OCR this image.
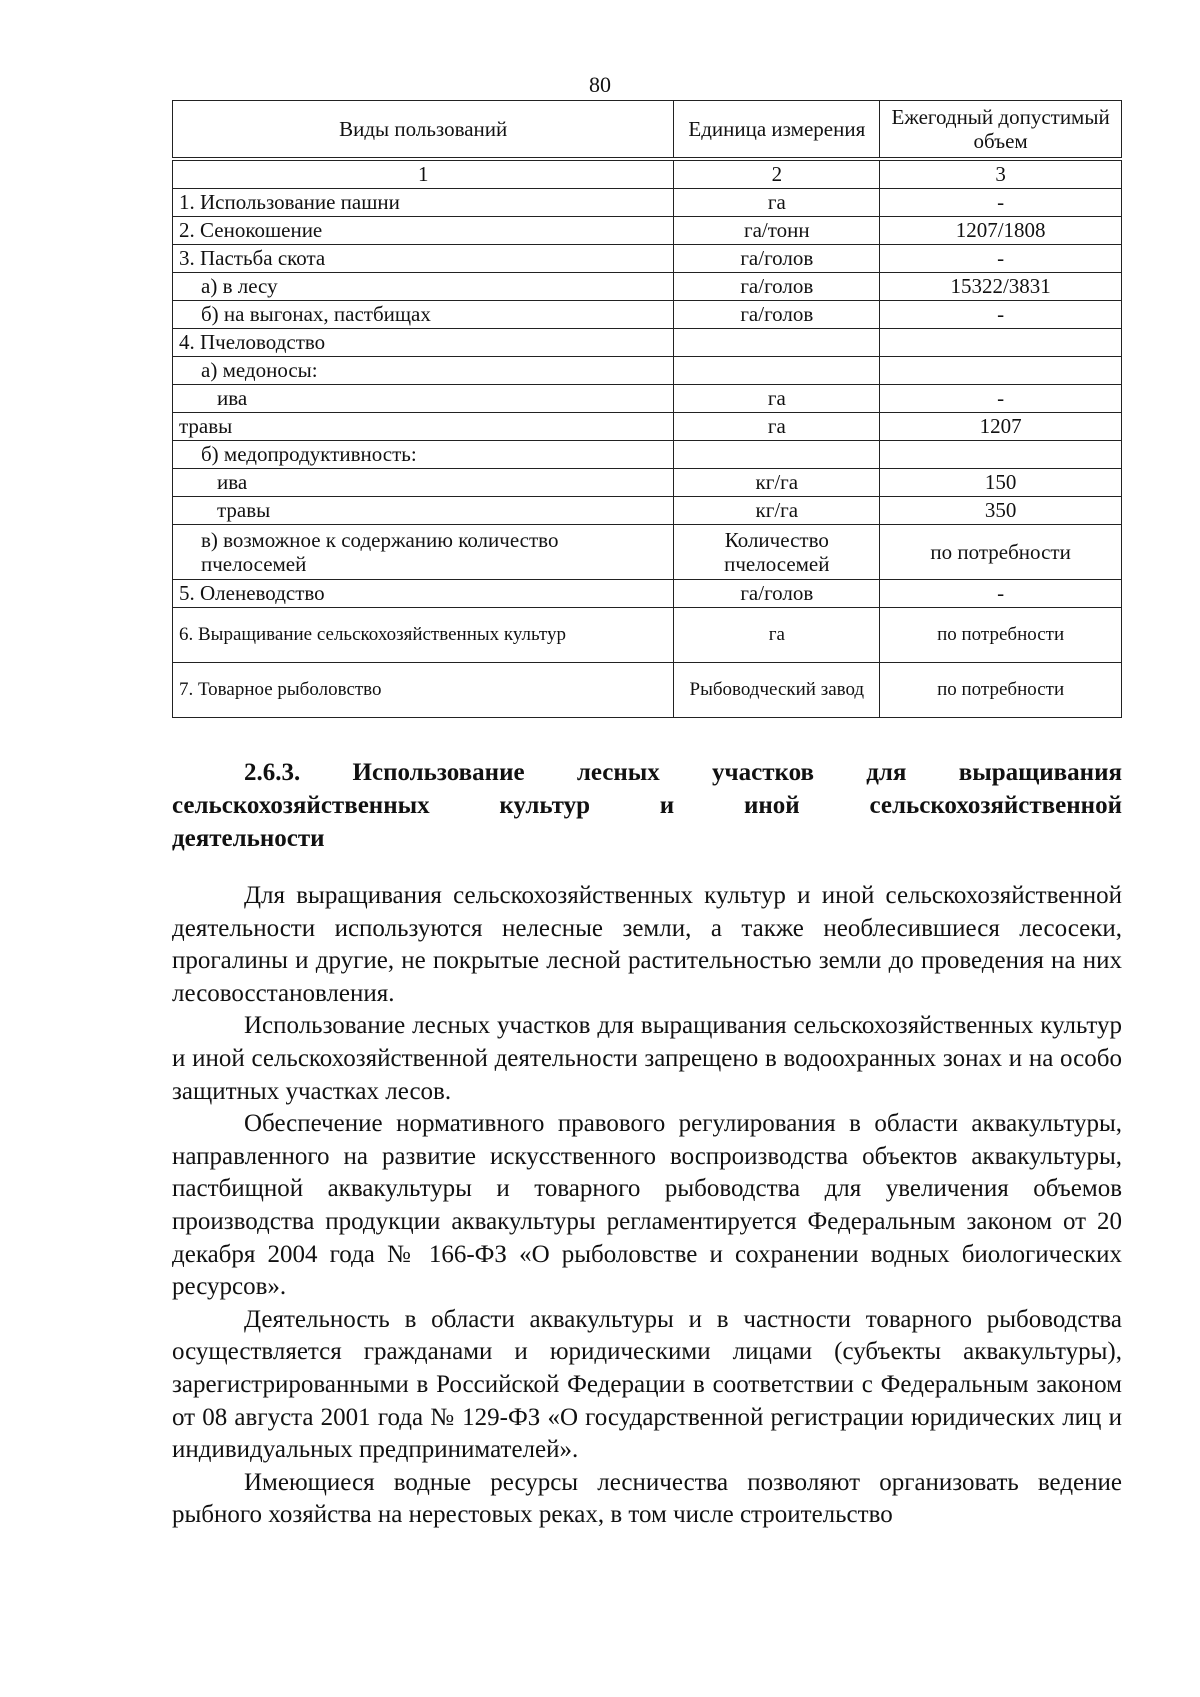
80
Виды пользований	Единица измерения	Ежегодный допустимый объем
1	2	3
1. Использование пашни	га	-
2. Сенокошение	га/тонн	1207/1808
3. Пастьба скота	га/голов	-
а) в лесу	га/голов	15322/3831
б) на выгонах, пастбищах	га/голов	-
4. Пчеловодство		
а) медоносы:		
ива	га	-
травы	га	1207
б) медопродуктивность:		
ива	кг/га	150
травы	кг/га	350
в) возможное к содержанию количество пчелосемей	Количество пчелосемей	по потребности
5. Оленеводство	га/голов	-
6. Выращивание сельскохозяйственных культур	га	по потребности
7. Товарное рыболовство	Рыбоводческий завод	по потребности
2.6.3. Использование лесных участков для выращивания
сельскохозяйственных культур и иной сельскохозяйственной
деятельности

Для выращивания сельскохозяйственных культур и иной сельскохозяйственной деятельности используются нелесные земли, а также необлесившиеся лесосеки, прогалины и другие, не покрытые лесной растительностью земли до проведения на них лесовосстановления.

Использование лесных участков для выращивания сельскохозяйственных культур и иной сельскохозяйственной деятельности запрещено в водоохранных зонах и на особо защитных участках лесов.

Обеспечение нормативного правового регулирования в области аквакультуры, направленного на развитие искусственного воспроизводства объектов аквакультуры, пастбищной аквакультуры и товарного рыбоводства для увеличения объемов производства продукции аквакультуры регламентируется Федеральным законом от 20 декабря 2004 года № 166-ФЗ «О рыболовстве и сохранении водных биологических ресурсов».

Деятельность в области аквакультуры и в частности товарного рыбоводства осуществляется гражданами и юридическими лицами (субъекты аквакультуры), зарегистрированными в Российской Федерации в соответствии с Федеральным законом от 08 августа 2001 года № 129-ФЗ «О государственной регистрации юридических лиц и индивидуальных предпринимателей».

Имеющиеся водные ресурсы лесничества позволяют организовать ведение рыбного хозяйства на нерестовых реках, в том числе строительство
